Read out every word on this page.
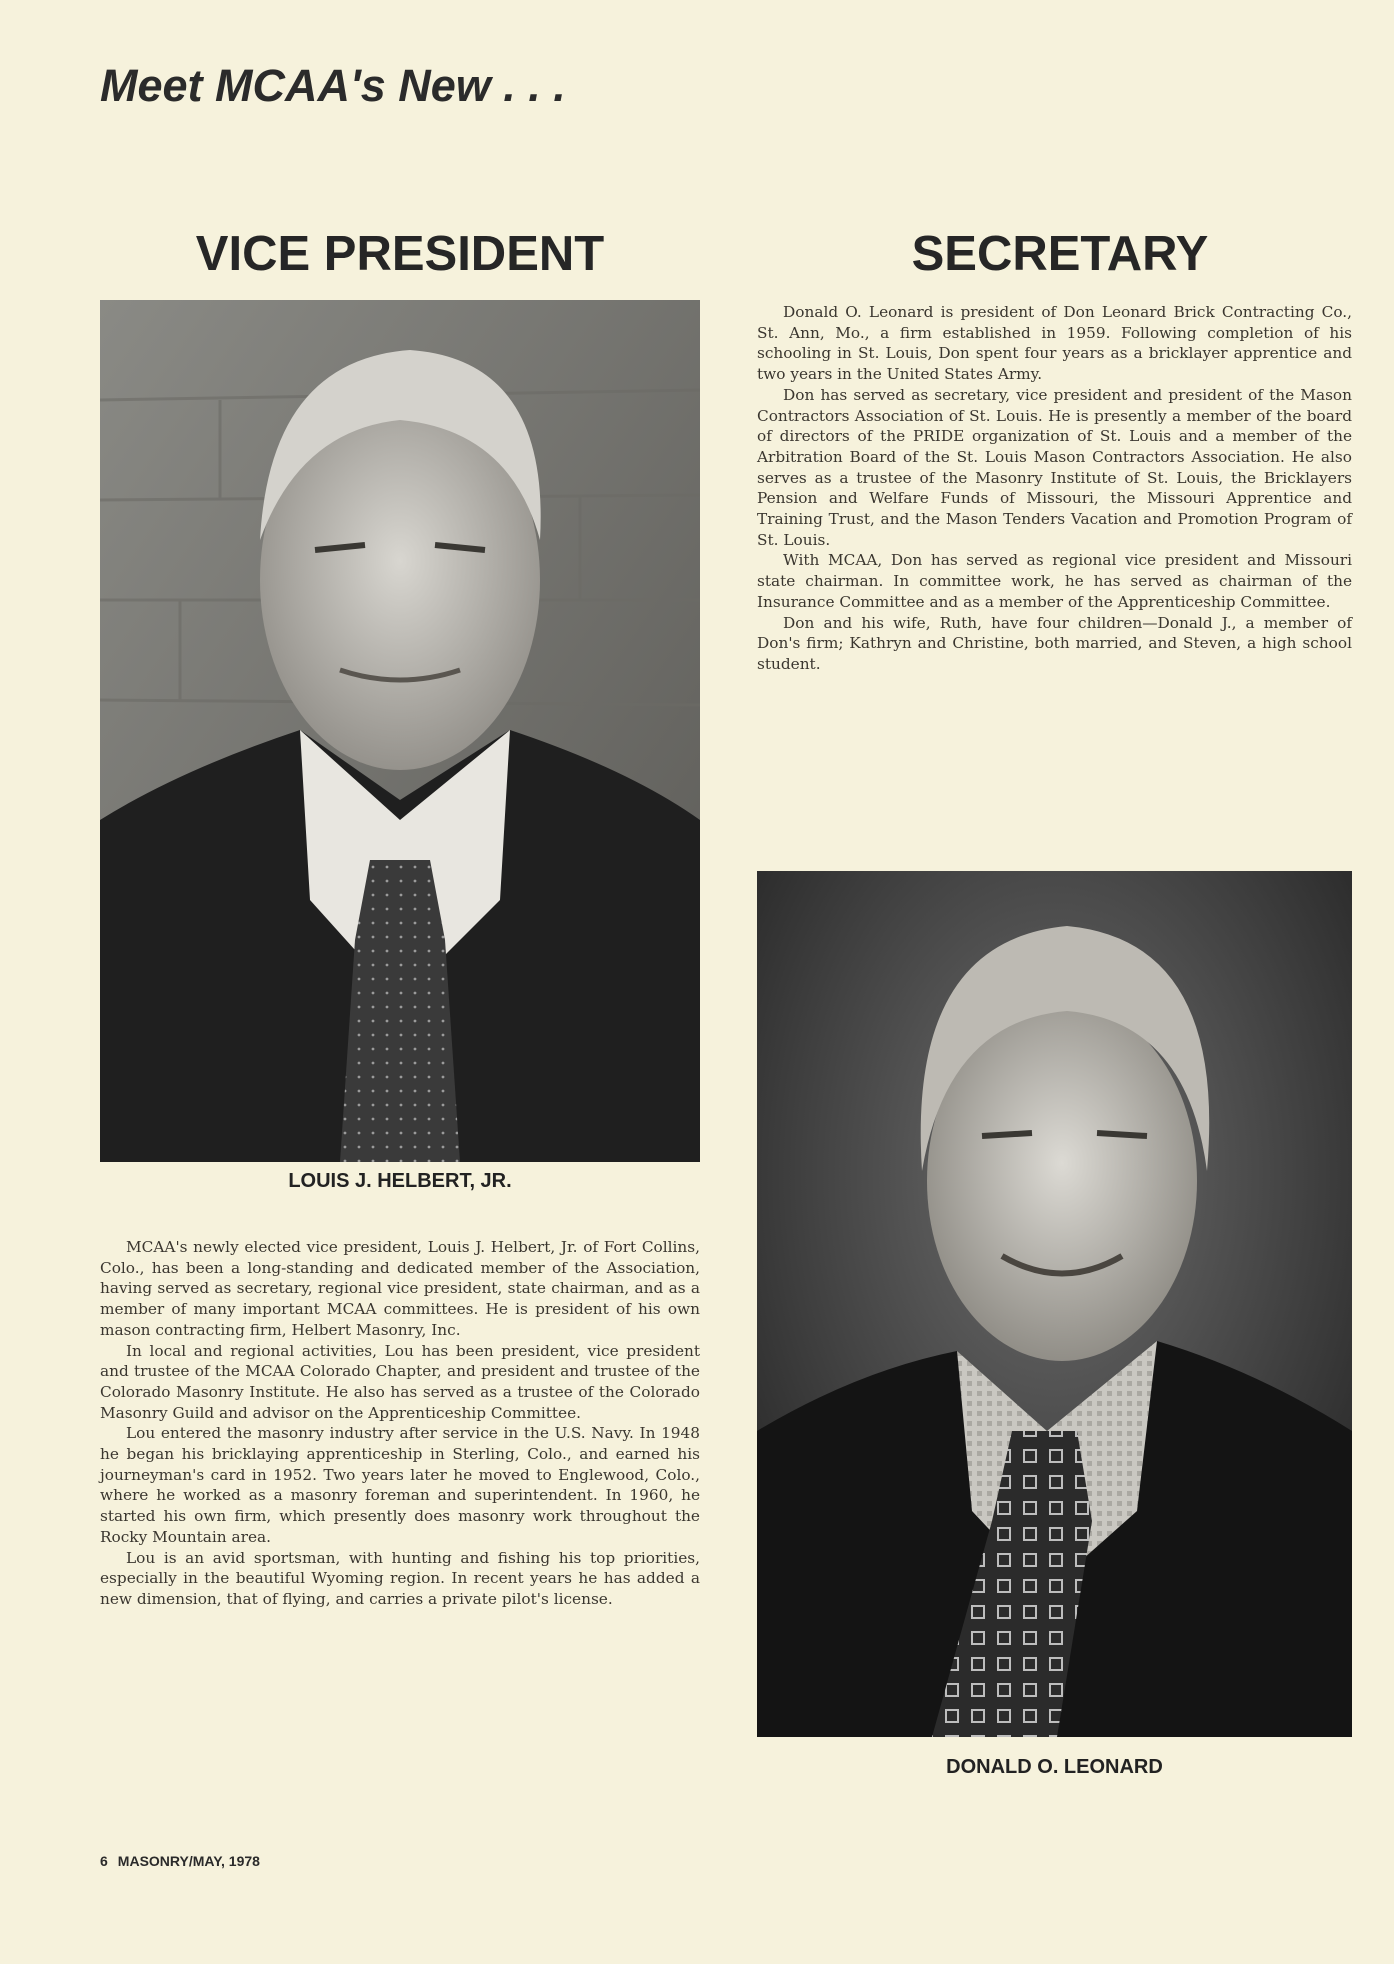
Meet MCAA's New . . .
VICE PRESIDENT
LOUIS J. HELBERT, JR.

MCAA's newly elected vice president, Louis J. Helbert, Jr. of Fort Collins, Colo., has been a long-standing and dedicated member of the Association, having served as secretary, regional vice president, state chairman, and as a member of many important MCAA committees. He is president of his own mason contracting firm, Helbert Masonry, Inc.

In local and regional activities, Lou has been president, vice president and trustee of the MCAA Colorado Chapter, and president and trustee of the Colorado Masonry Institute. He also has served as a trustee of the Colorado Masonry Guild and advisor on the Apprenticeship Committee.

Lou entered the masonry industry after service in the U.S. Navy. In 1948 he began his bricklaying apprenticeship in Sterling, Colo., and earned his journeyman's card in 1952. Two years later he moved to Englewood, Colo., where he worked as a masonry foreman and superintendent. In 1960, he started his own firm, which presently does masonry work throughout the Rocky Mountain area.

Lou is an avid sportsman, with hunting and fishing his top priorities, especially in the beautiful Wyoming region. In recent years he has added a new dimension, that of flying, and carries a private pilot's license.

SECRETARY

Donald O. Leonard is president of Don Leonard Brick Contracting Co., St. Ann, Mo., a firm established in 1959. Following completion of his schooling in St. Louis, Don spent four years as a bricklayer apprentice and two years in the United States Army.

Don has served as secretary, vice president and president of the Mason Contractors Association of St. Louis. He is presently a member of the board of directors of the PRIDE organization of St. Louis and a member of the Arbitration Board of the St. Louis Mason Contractors Association. He also serves as a trustee of the Masonry Institute of St. Louis, the Bricklayers Pension and Welfare Funds of Missouri, the Missouri Apprentice and Training Trust, and the Mason Tenders Vacation and Promotion Program of St. Louis.

With MCAA, Don has served as regional vice president and Missouri state chairman. In committee work, he has served as chairman of the Insurance Committee and as a member of the Apprenticeship Committee.

Don and his wife, Ruth, have four children—Donald J., a member of Don's firm; Kathryn and Christine, both married, and Steven, a high school student.

DONALD O. LEONARD
6 MASONRY/MAY, 1978
